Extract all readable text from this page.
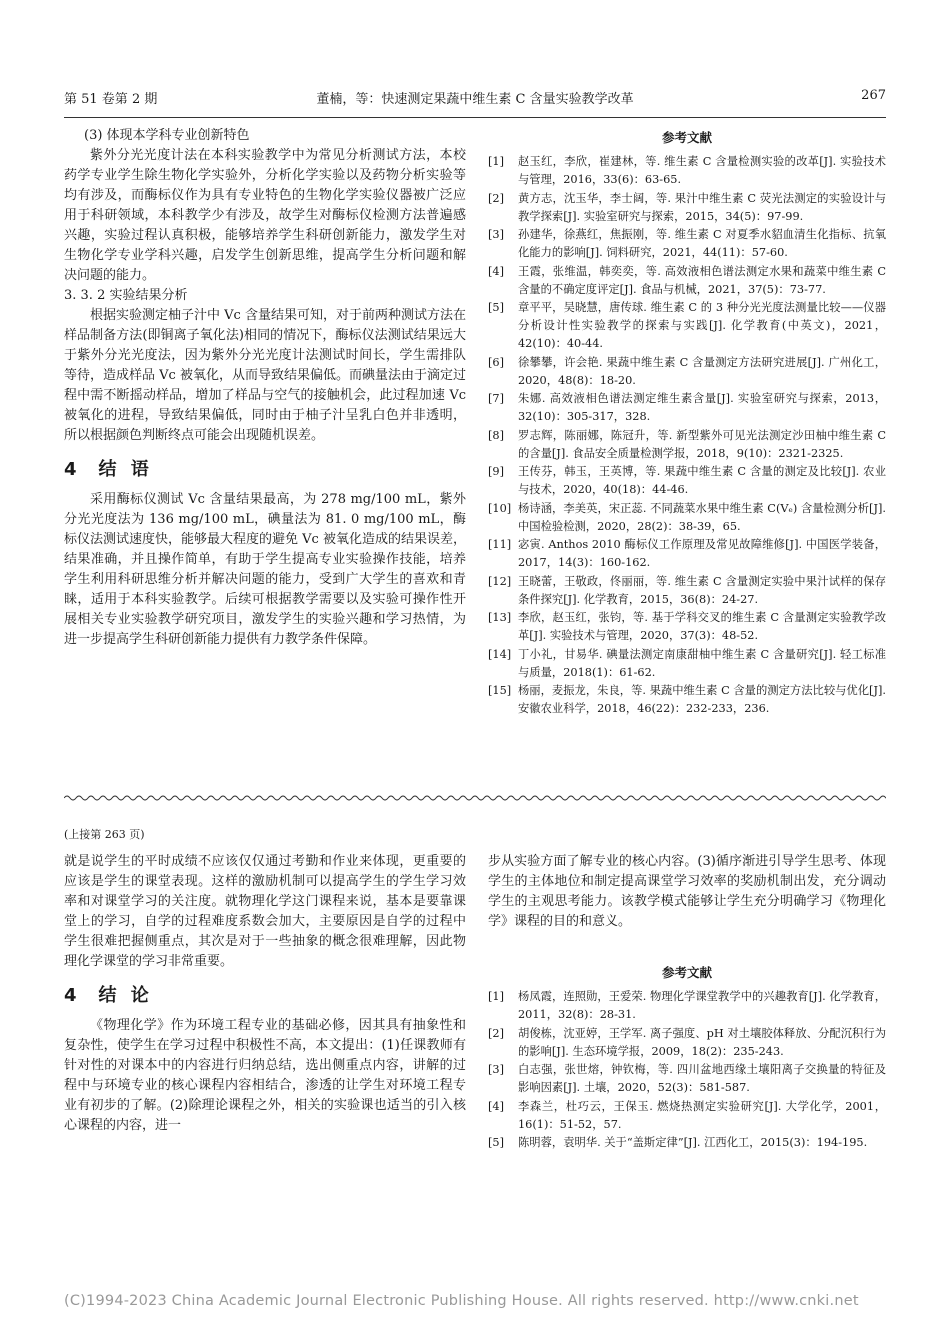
第 51 卷第 2 期	董楠，等：快速测定果蔬中维生素 C 含量实验教学改革	267

(3) 体现本学科专业创新特色

紫外分光光度计法在本科实验教学中为常见分析测试方法，本校药学专业学生除生物化学实验外，分析化学实验以及药物分析实验等均有涉及，而酶标仪作为具有专业特色的生物化学实验仪器被广泛应用于科研领域，本科教学少有涉及，故学生对酶标仪检测方法普遍感兴趣，实验过程认真积极，能够培养学生科研创新能力，激发学生对生物化学专业学科兴趣，启发学生创新思维，提高学生分析问题和解决问题的能力。

3. 3. 2 实验结果分析

根据实验测定柚子汁中 Vc 含量结果可知，对于前两种测试方法在样品制备方法(即铜离子氧化法)相同的情况下，酶标仪法测试结果远大于紫外分光光度法，因为紫外分光光度计法测试时间长，学生需排队等待，造成样品 Vc 被氧化，从而导致结果偏低。而碘量法由于滴定过程中需不断摇动样品，增加了样品与空气的接触机会，此过程加速 Vc 被氧化的进程，导致结果偏低，同时由于柚子汁呈乳白色并非透明，所以根据颜色判断终点可能会出现随机误差。

4 结 语

采用酶标仪测试 Vc 含量结果最高，为 278 mg/100 mL，紫外分光光度法为 136 mg/100 mL，碘量法为 81. 0 mg/100 mL，酶标仪法测试速度快，能够最大程度的避免 Vc 被氧化造成的结果误差，结果准确，并且操作简单，有助于学生提高专业实验操作技能，培养学生利用科研思维分析并解决问题的能力，受到广大学生的喜欢和青睐，适用于本科实验教学。后续可根据教学需要以及实验可操作性开展相关专业实验教学研究项目，激发学生的实验兴趣和学习热情，为进一步提高学生科研创新能力提供有力教学条件保障。

参考文献
[1]	赵玉红，李欣，崔建林，等. 维生素 C 含量检测实验的改革[J]. 实验技术与管理，2016，33(6)：63-65.
[2]	黄方志，沈玉华，李士阔，等. 果汁中维生素 C 荧光法测定的实验设计与教学探索[J]. 实验室研究与探索，2015，34(5)：97-99.
[3]	孙建华，徐燕红，焦振刚，等. 维生素 C 对夏季水貂血清生化指标、抗氧化能力的影响[J]. 饲料研究，2021，44(11)：57-60.
[4]	王霞，张维温，韩奕奕，等. 高效液相色谱法测定水果和蔬菜中维生素 C 含量的不确定度评定[J]. 食品与机械，2021，37(5)：73-77.
[5]	章平平，吴晓慧，唐传球. 维生素 C 的 3 种分光光度法测量比较——仪器分析设计性实验教学的探索与实践[J]. 化学教育(中英文)，2021，42(10)：40-44.
[6]	徐攀攀，许会艳. 果蔬中维生素 C 含量测定方法研究进展[J]. 广州化工，2020，48(8)：18-20.
[7]	朱娜. 高效液相色谱法测定维生素含量[J]. 实验室研究与探索，2013，32(10)：305-317，328.
[8]	罗志辉，陈丽娜，陈冠升，等. 新型紫外可见光法测定沙田柚中维生素 C 的含量[J]. 食品安全质量检测学报，2018，9(10)：2321-2325.
[9]	王传芬，韩玉，王英博，等. 果蔬中维生素 C 含量的测定及比较[J]. 农业与技术，2020，40(18)：44-46.
[10] 杨诗涵，李美英，宋正蕊. 不同蔬菜水果中维生素 C(Vₑ) 含量检测分析[J]. 中国检验检测，2020，28(2)：38-39，65.
[11] 宓寅. Anthos 2010 酶标仪工作原理及常见故障维修[J]. 中国医学装备，2017，14(3)：160-162.
[12] 王晓蕾，王敬政，佟丽丽，等. 维生素 C 含量测定实验中果汁试样的保存条件探究[J]. 化学教育，2015，36(8)：24-27.
[13] 李欣，赵玉红，张钧，等. 基于学科交叉的维生素 C 含量测定实验教学改革[J]. 实验技术与管理，2020，37(3)：48-52.
[14] 丁小礼，甘易华. 碘量法测定南康甜柚中维生素 C 含量研究[J]. 轻工标准与质量，2018(1)：61-62.
[15] 杨丽，麦振龙，朱良，等. 果蔬中维生素 C 含量的测定方法比较与优化[J]. 安徽农业科学，2018，46(22)：232-233，236.
(上接第 263 页)

就是说学生的平时成绩不应该仅仅通过考勤和作业来体现，更重要的应该是学生的课堂表现。这样的激励机制可以提高学生的学生学习效率和对课堂学习的关注度。就物理化学这门课程来说，基本是要靠课堂上的学习，自学的过程难度系数会加大，主要原因是自学的过程中学生很难把握侧重点，其次是对于一些抽象的概念很难理解，因此物理化学课堂的学习非常重要。

4 结 论

《物理化学》作为环境工程专业的基础必修，因其具有抽象性和复杂性，使学生在学习过程中积极性不高，本文提出：(1)任课教师有针对性的对课本中的内容进行归纳总结，选出侧重点内容，讲解的过程中与环境专业的核心课程内容相结合，渗透的让学生对环境工程专业有初步的了解。(2)除理论课程之外，相关的实验课也适当的引入核心课程的内容，进一

步从实验方面了解专业的核心内容。(3)循序渐进引导学生思考、体现学生的主体地位和制定提高课堂学习效率的奖励机制出发，充分调动学生的主观思考能力。该教学模式能够让学生充分明确学习《物理化学》课程的目的和意义。

参考文献
[1]	杨凤霞，连照勋，王爱荣. 物理化学课堂教学中的兴趣教育[J]. 化学教育，2011，32(8)：28-31.
[2]	胡俊栋，沈亚婷，王学军. 离子强度、pH 对土壤胶体释放、分配沉积行为的影响[J]. 生态环境学报，2009，18(2)：235-243.
[3]	白志强，张世熔，钟钦梅，等. 四川盆地西缘土壤阳离子交换量的特征及影响因素[J]. 土壤，2020，52(3)：581-587.
[4]	李森兰，杜巧云，王保玉. 燃烧热测定实验研究[J]. 大学化学，2001，16(1)：51-52，57.
[5]	陈明蓉，袁明华. 关于“盖斯定律”[J]. 江西化工，2015(3)：194-195.
(C)1994-2023 China Academic Journal Electronic Publishing House. All rights reserved. http://www.cnki.net
